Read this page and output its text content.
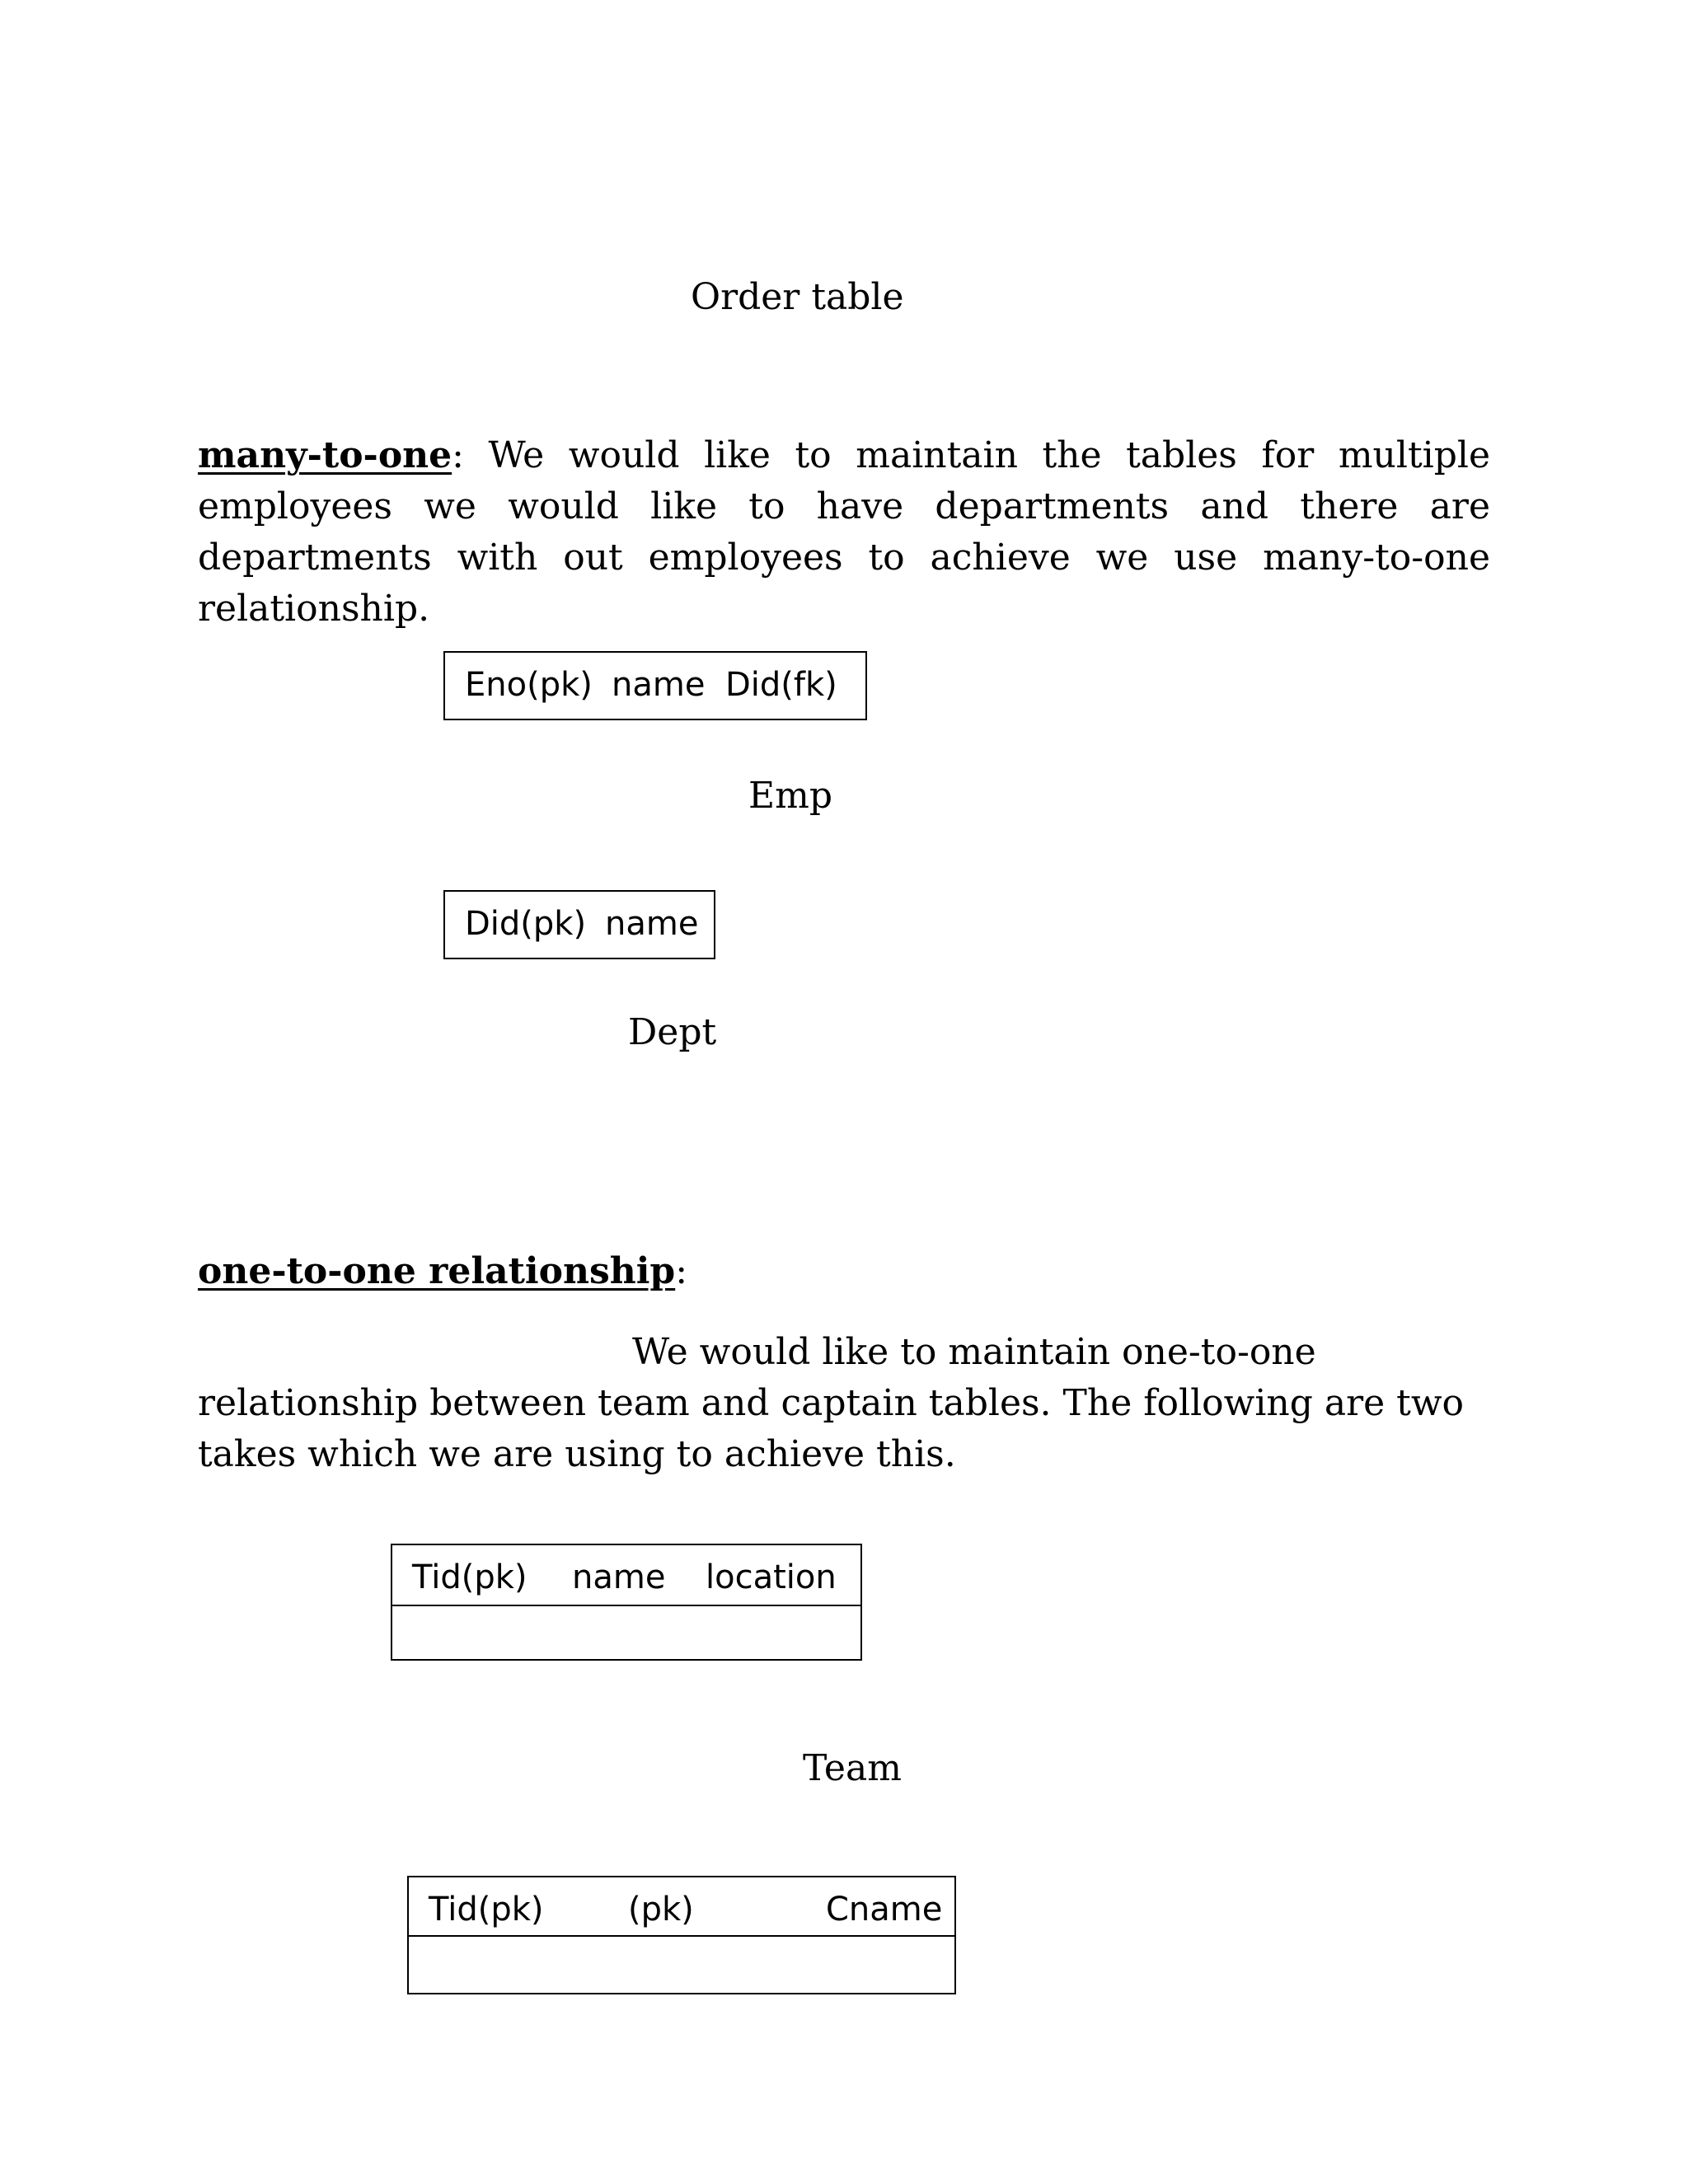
Order table
many-to-one: We would like to maintain the tables for multiple employees we would like to have departments and there are departments with out employees to achieve we use many-to-one relationship.
Eno(pk) name Did(fk)
Emp
Did(pk) name
Dept
one-to-one relationship:
We would like to maintain one-to-one relationship between team and captain tables. The following are two takes which we are using to achieve this.
Tid(pk) name location
Team
Tid(pk)	(pk)	Cname
